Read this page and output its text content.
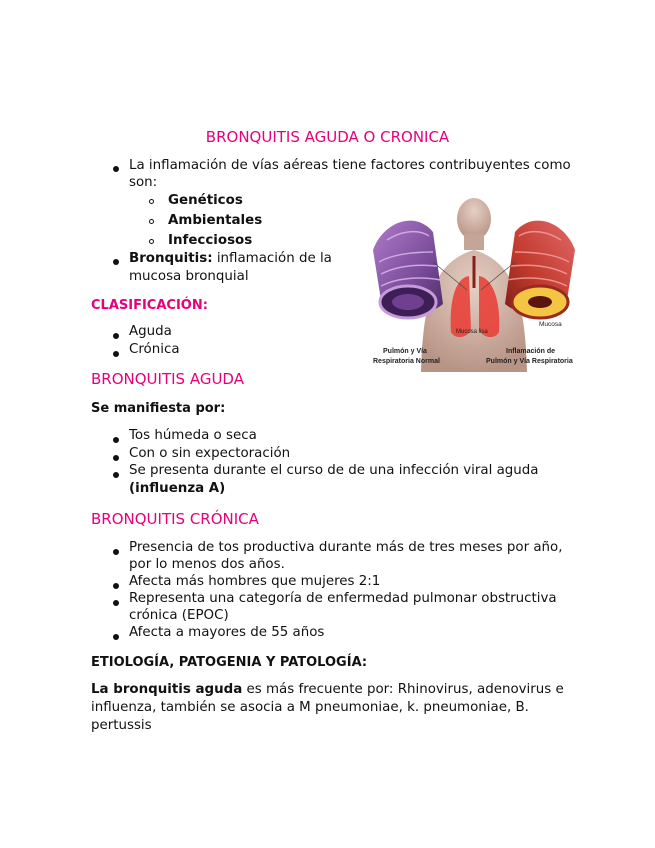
BRONQUITIS AGUDA O CRONICA
La inflamación de vías aéreas tiene factores contribuyentes como
son:
Genéticos
Ambientales
Infecciosos
Bronquitis: inflamación de la
mucosa bronquial
CLASIFICACIÓN:
Aguda
Crónica
BRONQUITIS AGUDA
Se manifiesta por:
Tos húmeda o seca
Con o sin expectoración
Se presenta durante el curso de de una infección viral aguda
(influenza A)
BRONQUITIS CRÓNICA
Presencia de tos productiva durante más de tres meses por año,
por lo menos dos años.
Afecta más hombres que mujeres 2:1
Representa una categoría de enfermedad pulmonar obstructiva
crónica (EPOC)
Afecta a mayores de 55 años
ETIOLOGÍA, PATOGENIA Y PATOLOGÍA:
La bronquitis aguda es más frecuente por: Rhinovirus, adenovirus e
influenza, también se asocia a M pneumoniae, k. pneumoniae, B.
pertussis
Mucosa lisa
Mucosa
Pulmón y Vía
Respiratoria Normal
Inflamación de
Pulmón y Vía Respiratoria
